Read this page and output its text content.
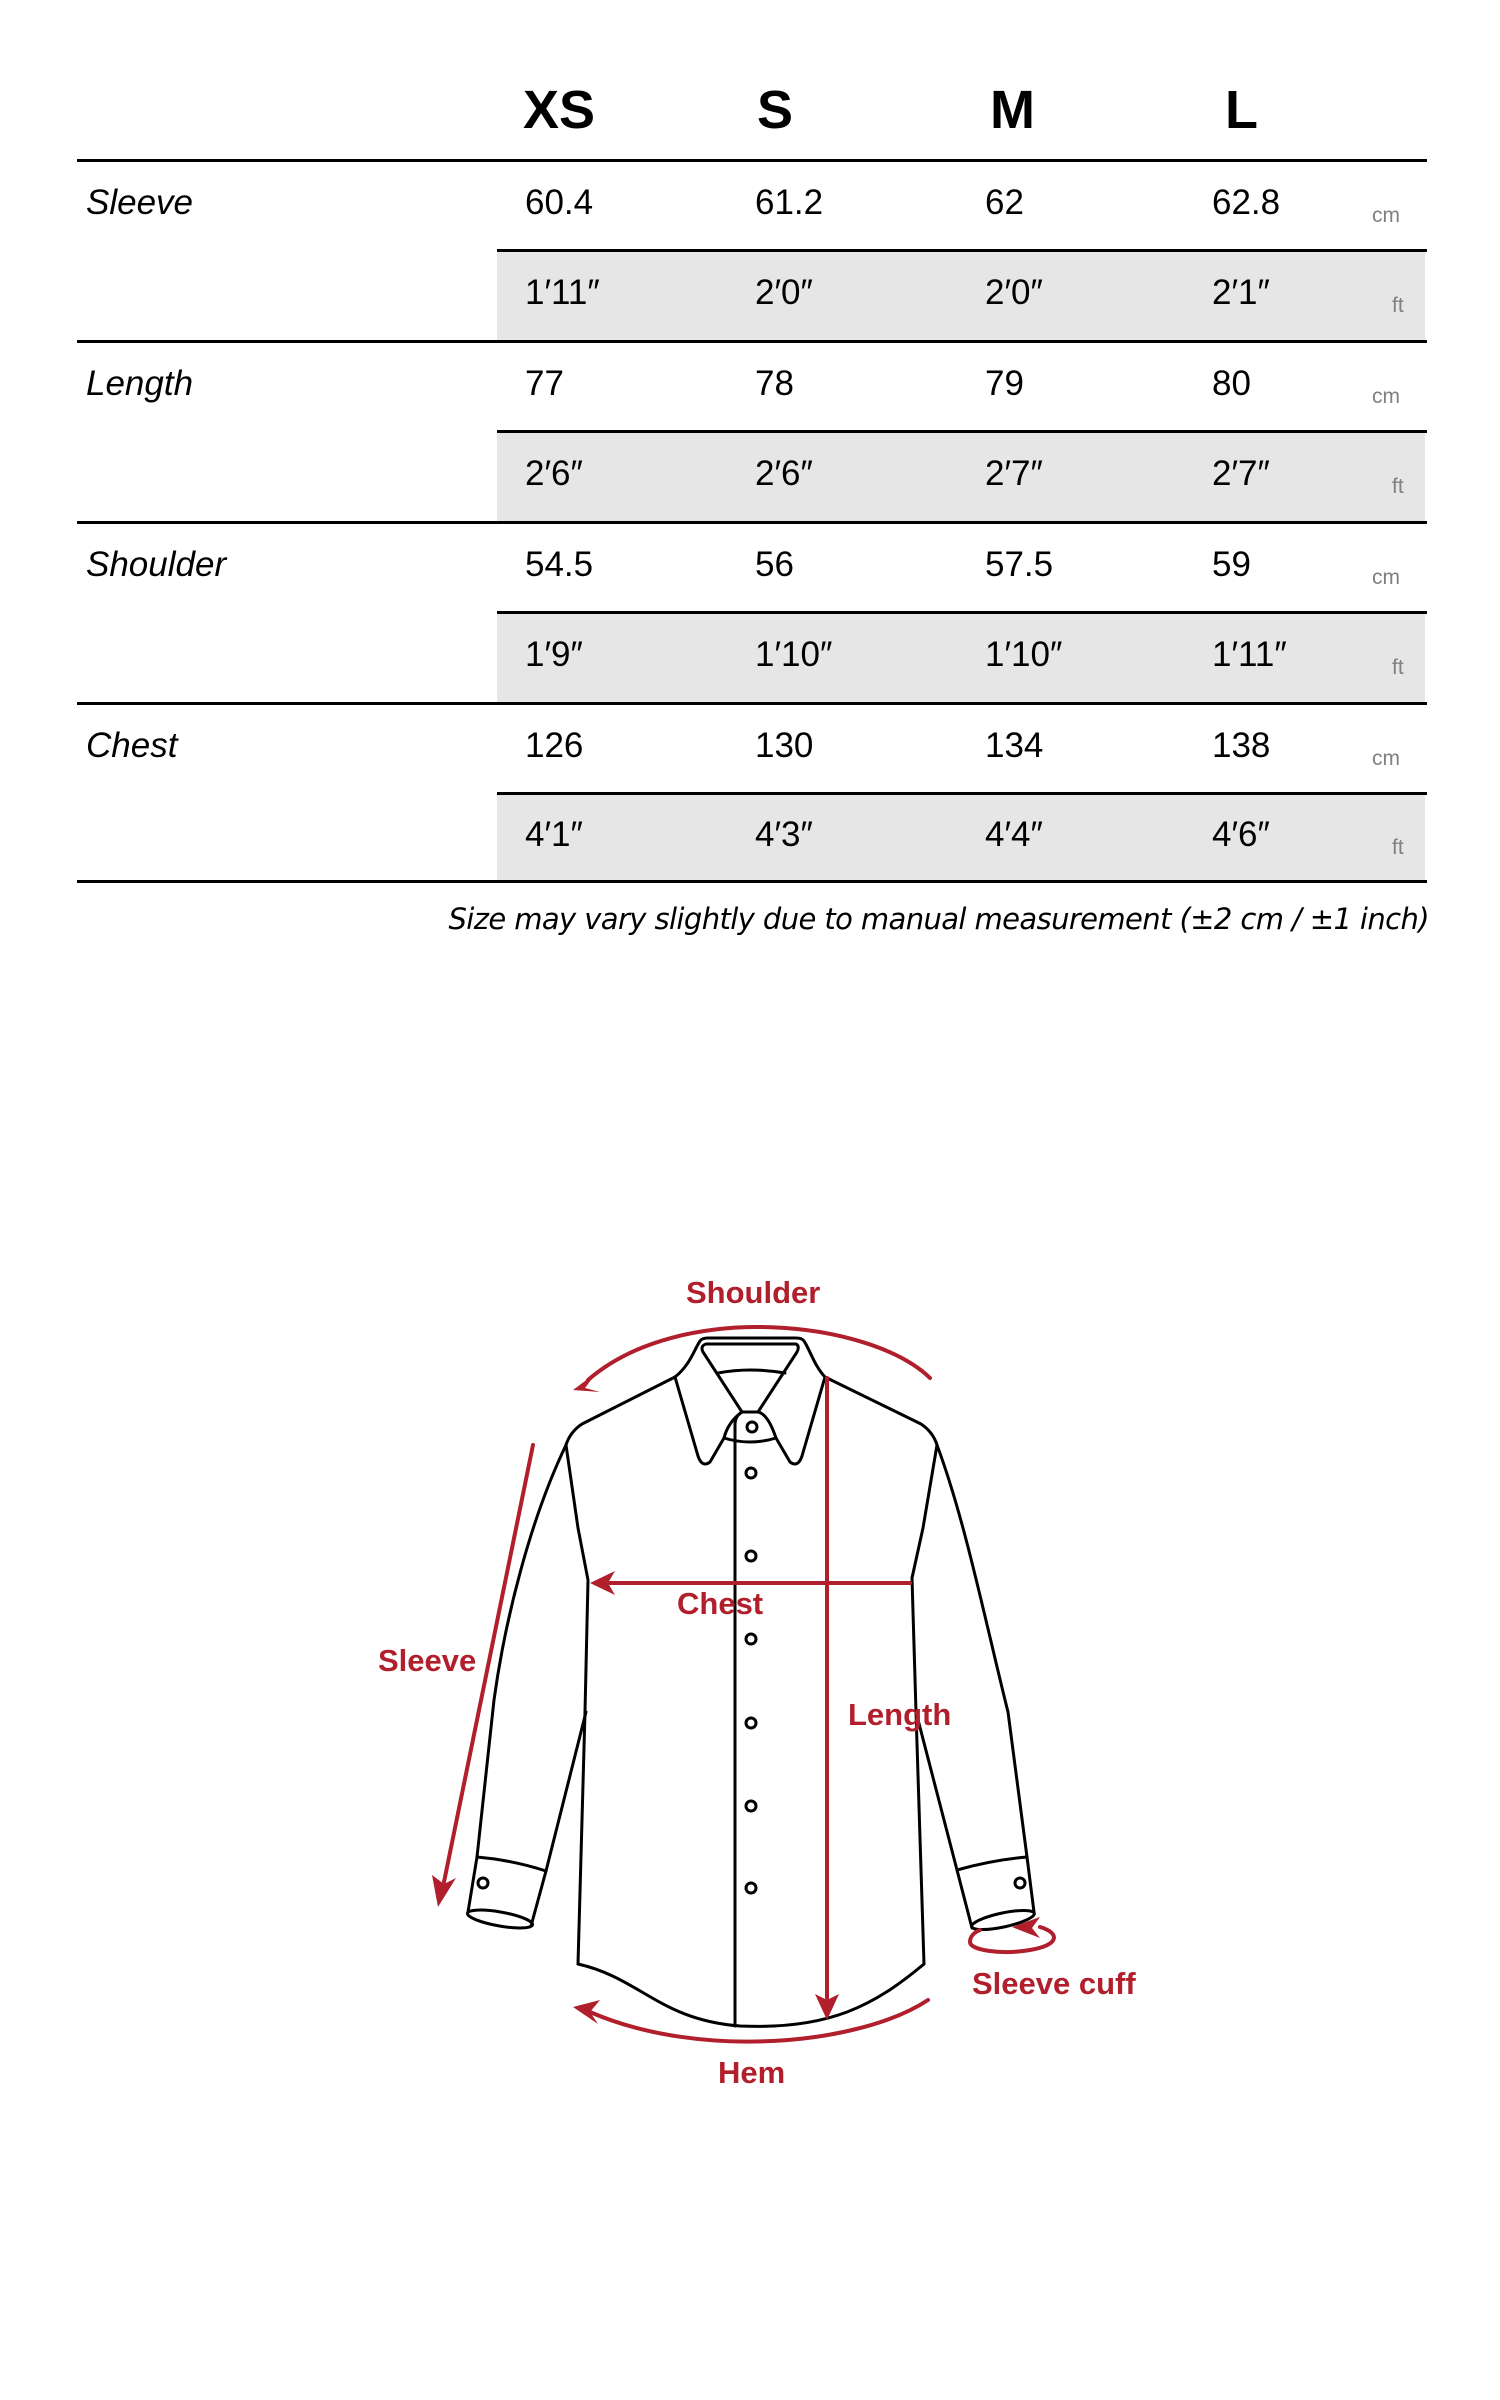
XS	S	M	L
Sleeve	60.4	61.2	62	62.8	cm
1′11″	2′0″	2′0″	2′1″	ft
Length	77	78	79	80	cm
2′6″	2′6″	2′7″	2′7″	ft
Shoulder	54.5	56	57.5	59	cm
1′9″	1′10″	1′10″	1′11″	ft
Chest	126	130	134	138	cm
4′1″	4′3″	4′4″	4′6″	ft
Size may vary slightly due to manual measurement (±2 cm / ±1 inch)
Shoulder
Chest
Sleeve
Length
Sleeve cuff
Hem
